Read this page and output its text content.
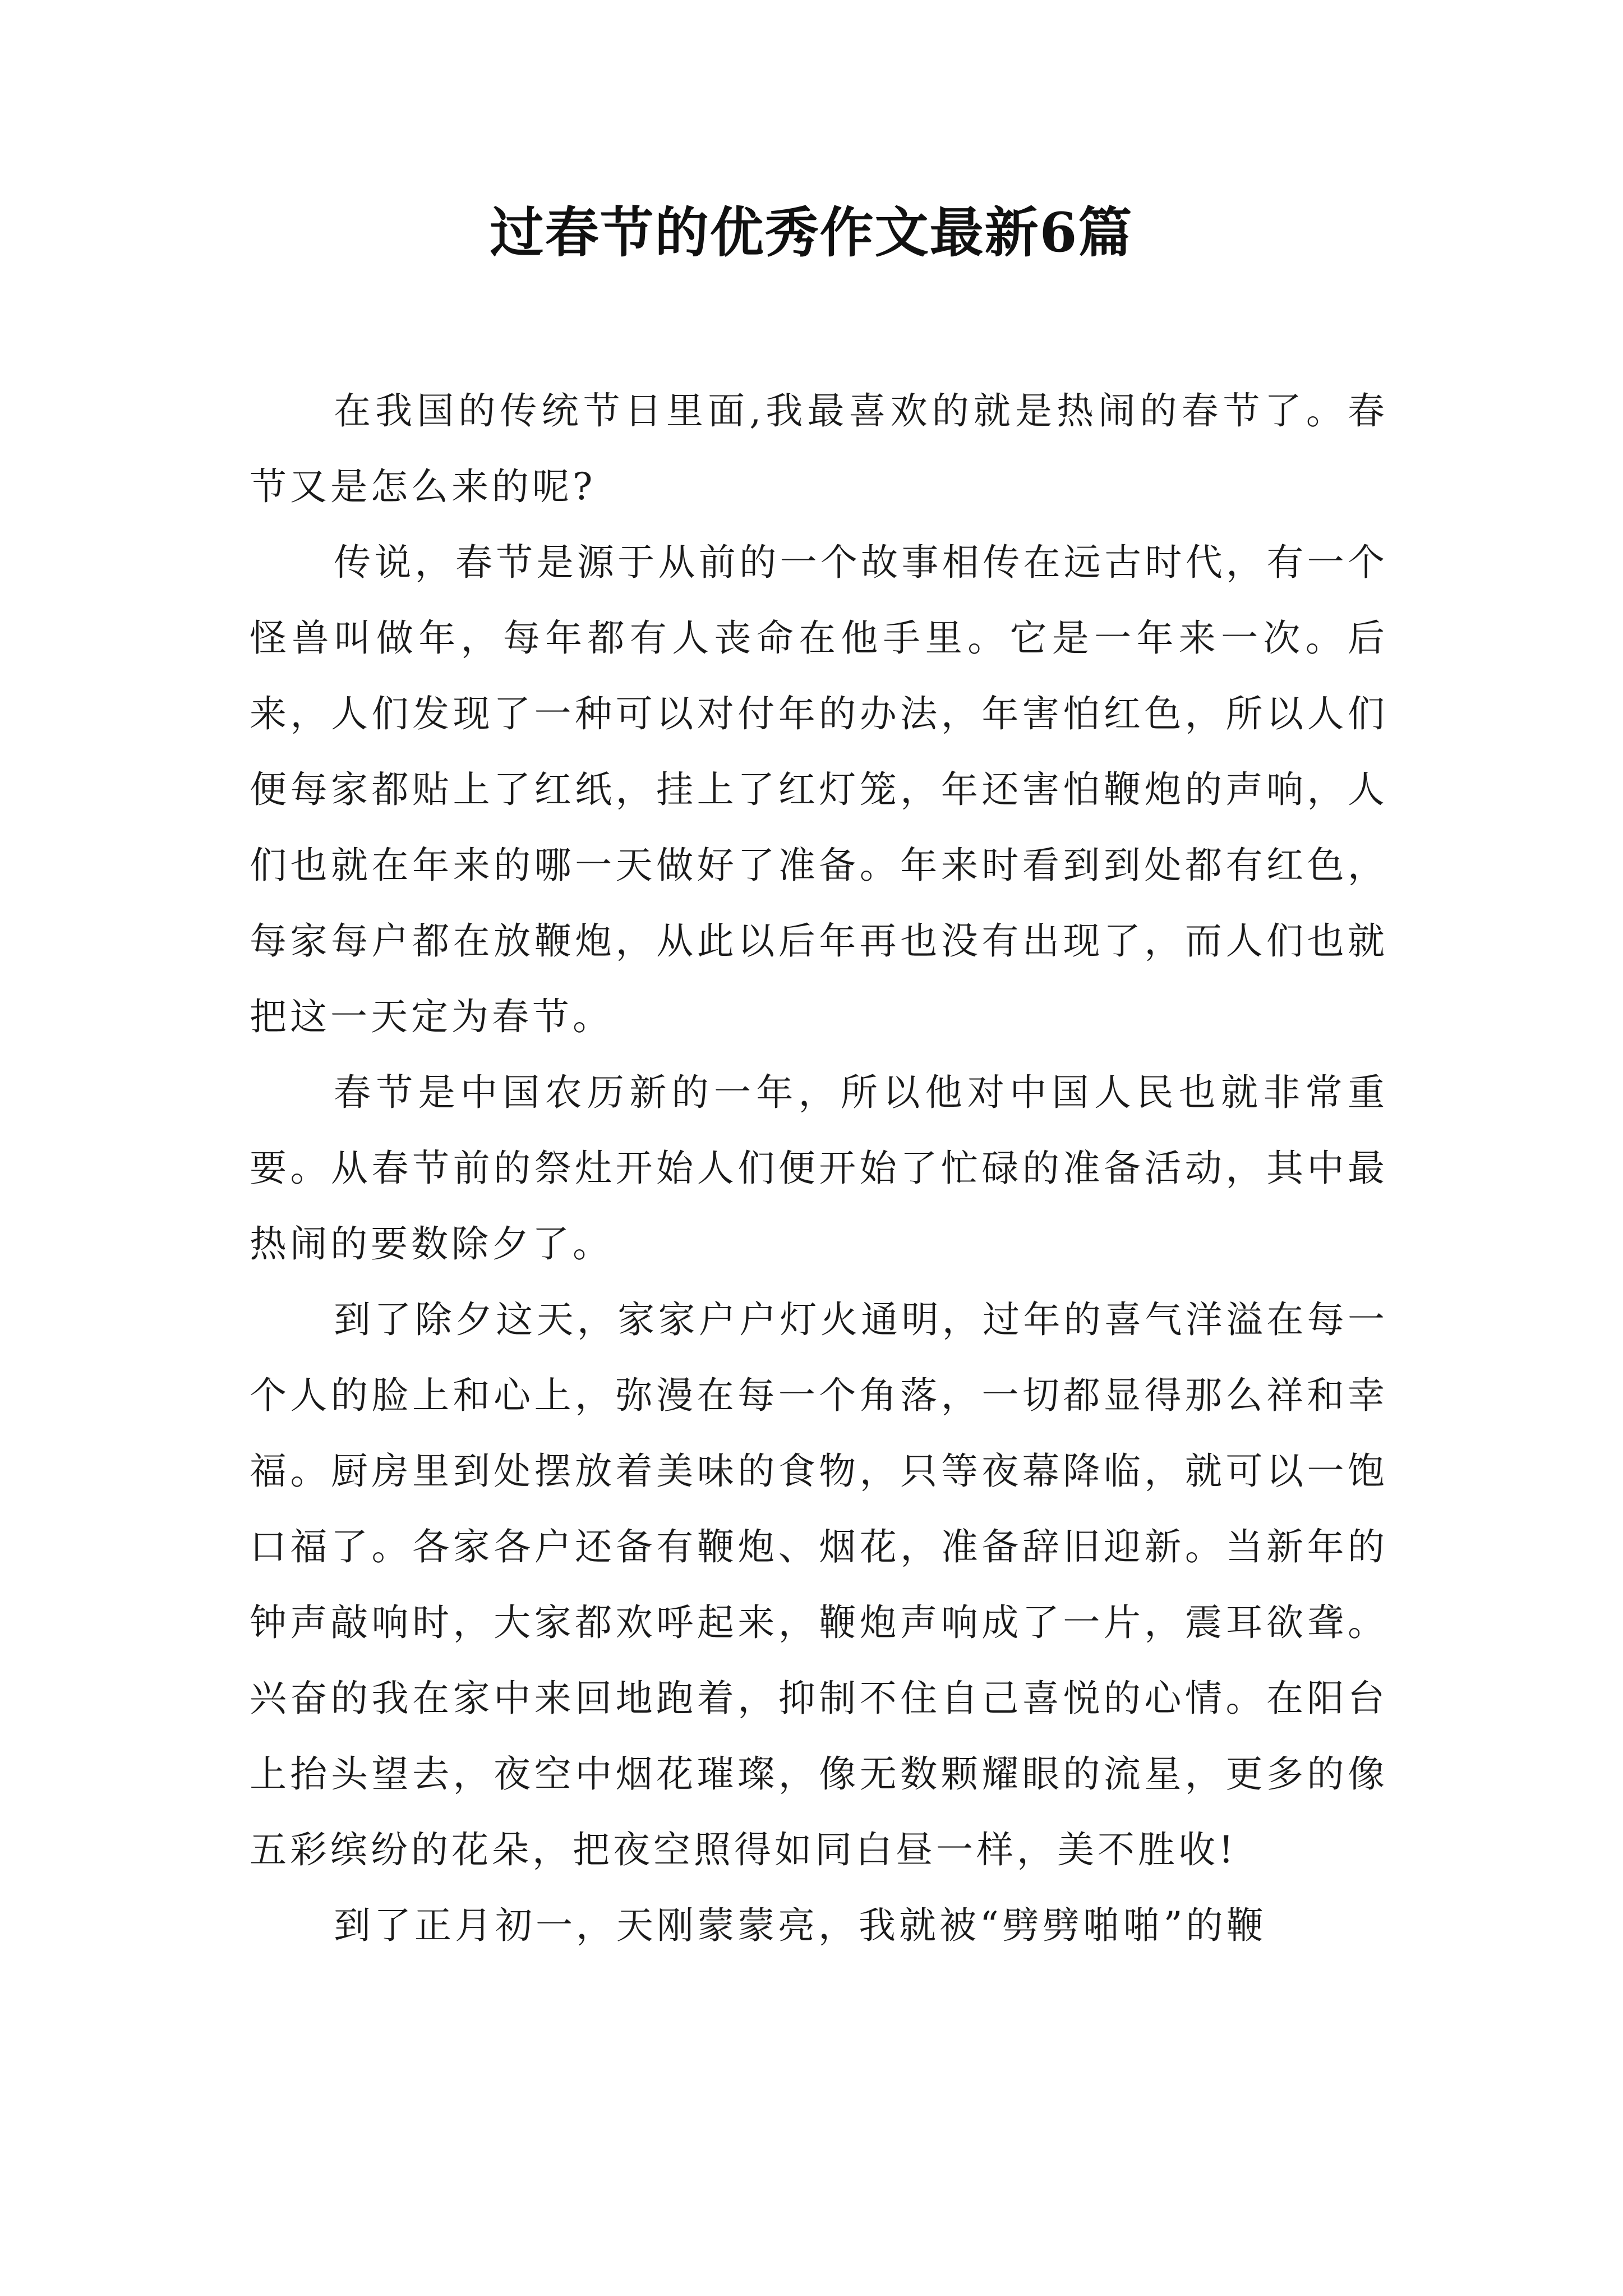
过春节的优秀作文最新6篇

在我国的传统节日里面,我最喜欢的就是热闹的春节了。春节又是怎么来的呢?

传说，春节是源于从前的一个故事相传在远古时代，有一个怪兽叫做年，每年都有人丧命在他手里。它是一年来一次。后来，人们发现了一种可以对付年的办法，年害怕红色，所以人们便每家都贴上了红纸，挂上了红灯笼，年还害怕鞭炮的声响，人们也就在年来的哪一天做好了准备。年来时看到到处都有红色，每家每户都在放鞭炮，从此以后年再也没有出现了，而人们也就把这一天定为春节。

春节是中国农历新的一年，所以他对中国人民也就非常重要。从春节前的祭灶开始人们便开始了忙碌的准备活动，其中最热闹的要数除夕了。

到了除夕这天，家家户户灯火通明，过年的喜气洋溢在每一个人的脸上和心上，弥漫在每一个角落，一切都显得那么祥和幸福。厨房里到处摆放着美味的食物，只等夜幕降临，就可以一饱口福了。各家各户还备有鞭炮、烟花，准备辞旧迎新。当新年的钟声敲响时，大家都欢呼起来，鞭炮声响成了一片，震耳欲聋。兴奋的我在家中来回地跑着，抑制不住自己喜悦的心情。在阳台上抬头望去，夜空中烟花璀璨，像无数颗耀眼的流星，更多的像五彩缤纷的花朵，把夜空照得如同白昼一样，美不胜收!

到了正月初一，天刚蒙蒙亮，我就被“劈劈啪啪”的鞭
